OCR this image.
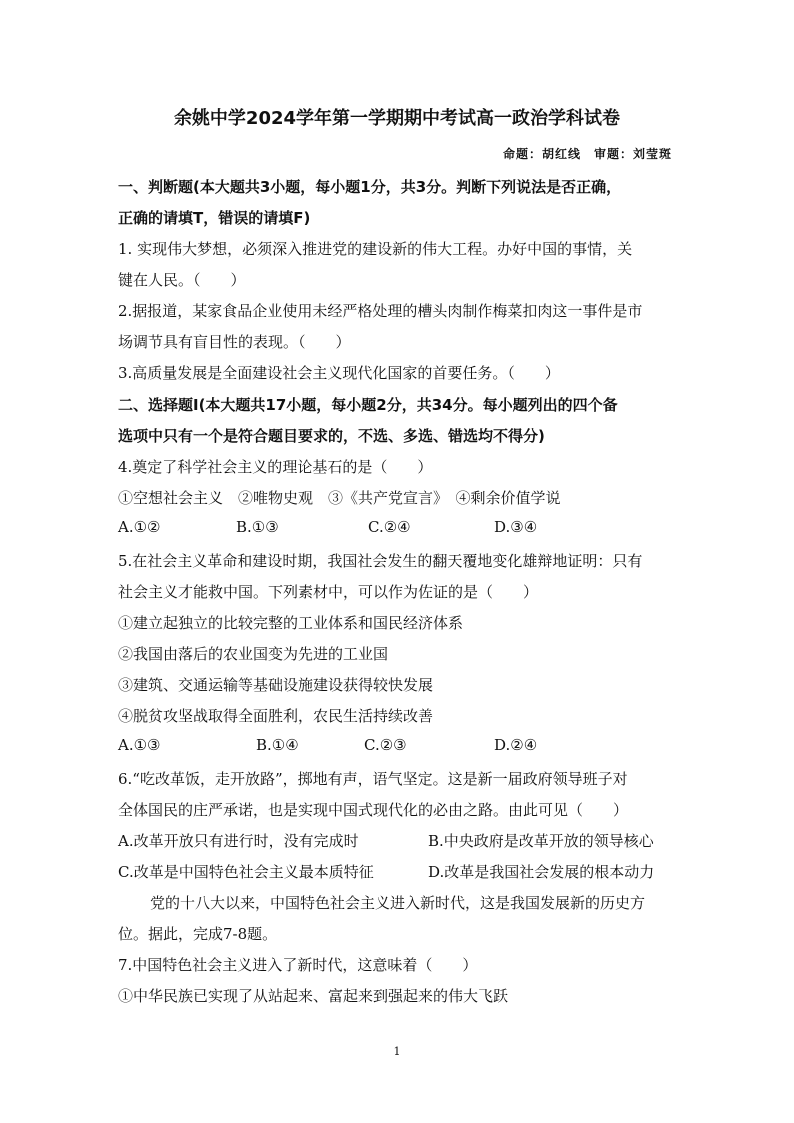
余姚中学2024学年第一学期期中考试高一政治学科试卷
命题：胡红线　审题：刘莹斑
一、判断题(本大题共3小题，每小题1分，共3分。判断下列说法是否正确，
正确的请填T，错误的请填F)
1. 实现伟大梦想，必须深入推进党的建设新的伟大工程。办好中国的事情，关
键在人民。（　　）
2.据报道，某家食品企业使用未经严格处理的槽头肉制作梅菜扣肉这一事件是市
场调节具有盲目性的表现。（　　）
3.高质量发展是全面建设社会主义现代化国家的首要任务。（　　）
二、选择题Ⅰ(本大题共17小题，每小题2分，共34分。每小题列出的四个备
选项中只有一个是符合题目要求的，不选、多选、错选均不得分)
4.奠定了科学社会主义的理论基石的是（　　）
①空想社会主义　②唯物史观　③《共产党宣言》　④剩余价值学说
A.①②	B.①③	C.②④	D.③④
5.在社会主义革命和建设时期，我国社会发生的翻天覆地变化雄辩地证明：只有
社会主义才能救中国。下列素材中，可以作为佐证的是（　　）
①建立起独立的比较完整的工业体系和国民经济体系
②我国由落后的农业国变为先进的工业国
③建筑、交通运输等基础设施建设获得较快发展
④脱贫攻坚战取得全面胜利，农民生活持续改善
A.①③	B.①④	C.②③	D.②④
6.“吃改革饭，走开放路”，掷地有声，语气坚定。这是新一届政府领导班子对
全体国民的庄严承诺，也是实现中国式现代化的必由之路。由此可见（　　）
A.改革开放只有进行时，没有完成时	B.中央政府是改革开放的领导核心
C.改革是中国特色社会主义最本质特征	D.改革是我国社会发展的根本动力
党的十八大以来，中国特色社会主义进入新时代，这是我国发展新的历史方
位。据此，完成7-8题。
7.中国特色社会主义进入了新时代，这意味着（　　）
①中华民族已实现了从站起来、富起来到强起来的伟大飞跃
1
